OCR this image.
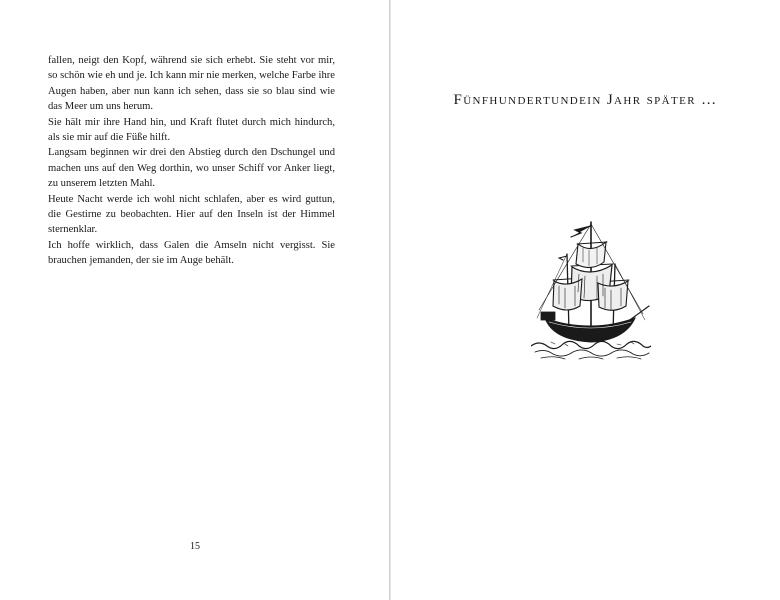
fallen, neigt den Kopf, während sie sich erhebt. Sie steht vor mir, so schön wie eh und je. Ich kann mir nie merken, welche Farbe ihre Augen haben, aber nun kann ich sehen, dass sie so blau sind wie das Meer um uns herum.

Sie hält mir ihre Hand hin, und Kraft flutet durch mich hindurch, als sie mir auf die Füße hilft.

Langsam beginnen wir drei den Abstieg durch den Dschungel und machen uns auf den Weg dorthin, wo unser Schiff vor Anker liegt, zu unserem letzten Mahl.

Heute Nacht werde ich wohl nicht schlafen, aber es wird guttun, die Gestirne zu beobachten. Hier auf den Inseln ist der Himmel sternenklar.

Ich hoffe wirklich, dass Galen die Amseln nicht vergisst. Sie brauchen jemanden, der sie im Auge behält.

15
Fünfhundertundein Jahr später …
